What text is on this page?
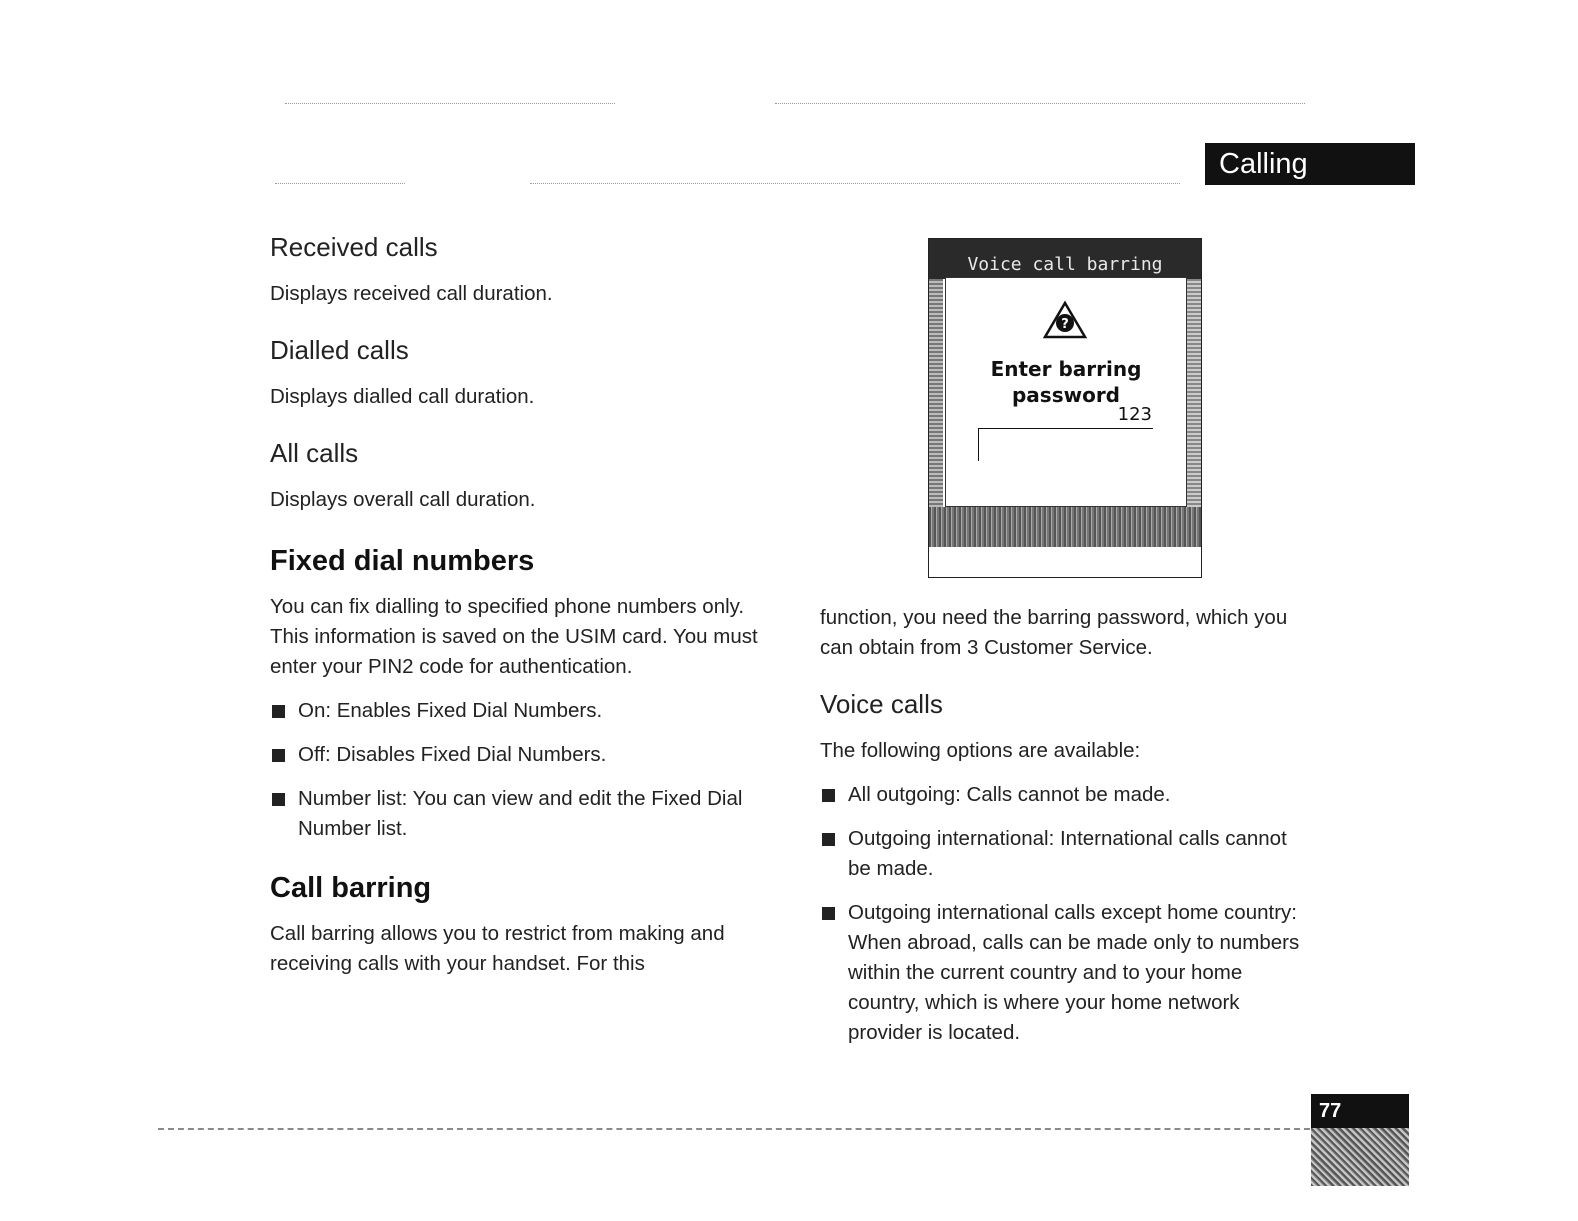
Calling
Received calls
Displays received call duration.
Dialled calls
Displays dialled call duration.
All calls
Displays overall call duration.
Fixed dial numbers
You can fix dialling to specified phone numbers only. This information is saved on the USIM card. You must enter your PIN2 code for authentication.
On: Enables Fixed Dial Numbers.
Off: Disables Fixed Dial Numbers.
Number list: You can view and edit the Fixed Dial Number list.
Call barring
Call barring allows you to restrict from making and receiving calls with your handset. For this
Voice call barring
?
Enter barring
password
123
function, you need the barring password, which you can obtain from 3 Customer Service.
Voice calls
The following options are available:
All outgoing: Calls cannot be made.
Outgoing international: International calls cannot be made.
Outgoing international calls except home country: When abroad, calls can be made only to numbers within the current country and to your home country, which is where your home network provider is located.
77
